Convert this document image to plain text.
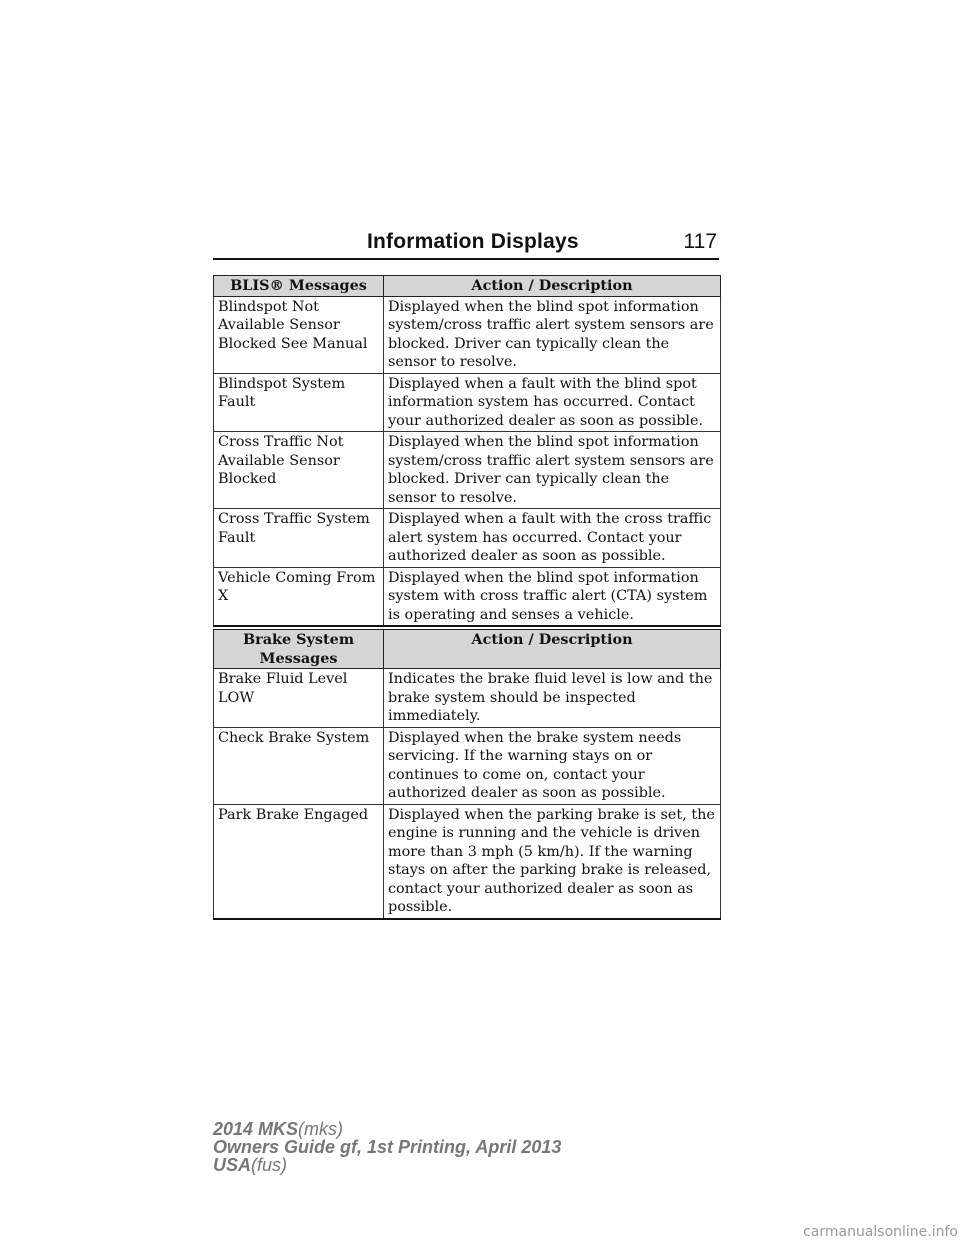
Information Displays	117
BLIS® Messages	Action / Description
Blindspot Not Available Sensor Blocked See Manual	Displayed when the blind spot information system/cross traffic alert system sensors are blocked. Driver can typically clean the sensor to resolve.
Blindspot System Fault	Displayed when a fault with the blind spot information system has occurred. Contact your authorized dealer as soon as possible.
Cross Traffic Not Available Sensor Blocked	Displayed when the blind spot information system/cross traffic alert system sensors are blocked. Driver can typically clean the sensor to resolve.
Cross Traffic System Fault	Displayed when a fault with the cross traffic alert system has occurred. Contact your authorized dealer as soon as possible.
Vehicle Coming From X	Displayed when the blind spot information system with cross traffic alert (CTA) system is operating and senses a vehicle.
Brake System Messages	Action / Description
Brake Fluid Level LOW	Indicates the brake fluid level is low and the brake system should be inspected immediately.
Check Brake System	Displayed when the brake system needs servicing. If the warning stays on or continues to come on, contact your authorized dealer as soon as possible.
Park Brake Engaged	Displayed when the parking brake is set, the engine is running and the vehicle is driven more than 3 mph (5 km/h). If the warning stays on after the parking brake is released, contact your authorized dealer as soon as possible.
2014 MKS(mks)
Owners Guide gf, 1st Printing, April 2013
USA(fus)
carmanualsonline.info
